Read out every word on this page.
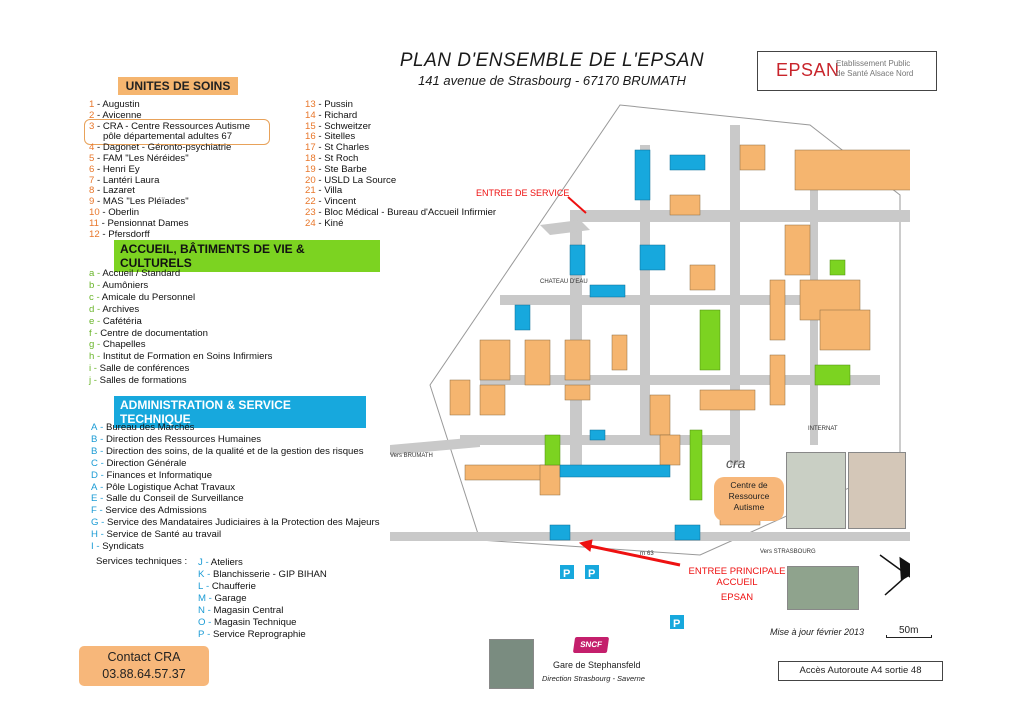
PLAN D'ENSEMBLE DE L'EPSAN
141 avenue de Strasbourg - 67170 BRUMATH
EPSAN
Etablissement Public
de Santé Alsace Nord
UNITES DE SOINS
1 - Augustin
2 - Avicenne
3 - CRA - Centre Ressources Autisme
pôle départemental adultes 67
4 - Dagonet - Géronto-psychiatrie
5 - FAM "Les Néréides"
6 - Henri Ey
7 - Lantéri Laura
8 - Lazaret
9 - MAS "Les Pléïades"
10 - Oberlin
11 - Pensionnat Dames
12 - Pfersdorff
13 - Pussin
14 - Richard
15 - Schweitzer
16 - Sitelles
17 - St Charles
18 - St Roch
19 - Ste Barbe
20 - USLD La Source
21 - Villa
22 - Vincent
23 - Bloc Médical - Bureau d'Accueil Infirmier
24 - Kiné
ACCUEIL, BÂTIMENTS DE VIE & CULTURELS
a - Accueil / Standard
b - Aumôniers
c - Amicale du Personnel
d - Archives
e - Cafétéria
f - Centre de documentation
g - Chapelles
h - Institut de Formation en Soins Infirmiers
i - Salle de conférences
j - Salles de formations
ADMINISTRATION & SERVICE TECHNIQUE
A - Bureau des Marchés
B - Direction des Ressources Humaines
B - Direction des soins, de la qualité et de la gestion des risques
C - Direction Générale
D - Finances et Informatique
A - Pôle Logistique Achat Travaux
E - Salle du Conseil de Surveillance
F - Service des Admissions
G - Service des Mandataires Judiciaires à la Protection des Majeurs
H - Service de Santé au travail
I - Syndicats
Services techniques : J - Ateliers
K - Blanchisserie - GIP BIHAN
L - Chaufferie
M - Garage
N - Magasin Central
O - Magasin Technique
P - Service Reprographie
Contact CRA
03.88.64.57.37
Vers BRUMATH
Vers STRASBOURG
CHATEAU D'EAU
INTERNAT
rn 63
P P
P
ENTREE DE SERVICE
ENTREE PRINCIPALE
ACCUEIL
EPSAN
cra
Centre de
Ressource
Autisme
SNCF
Gare de Stephansfeld
Direction Strasbourg - Saverne
Mise à jour février 2013	50m
Accès Autoroute A4 sortie 48
